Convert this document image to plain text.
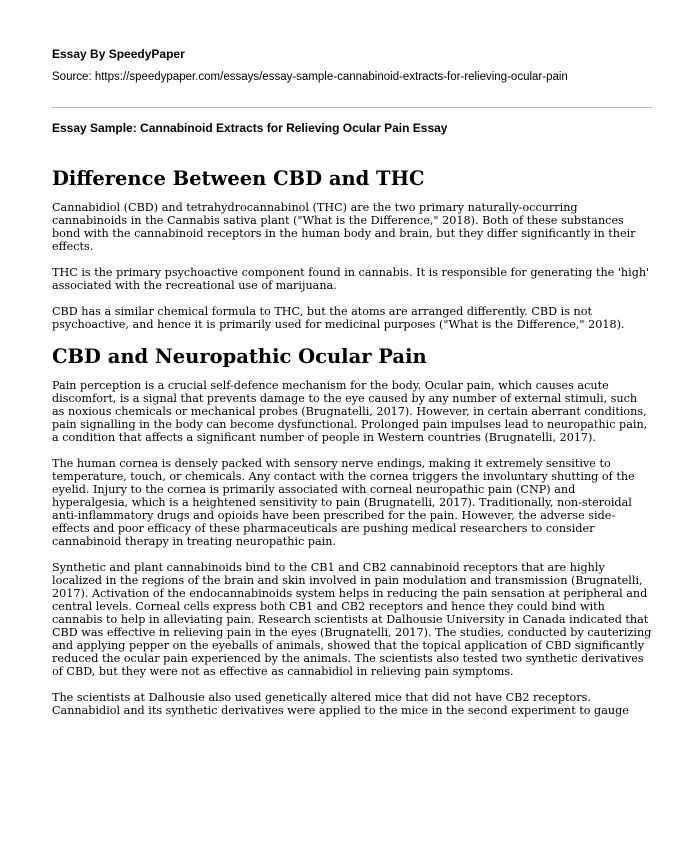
Essay By SpeedyPaper
Source: https://speedypaper.com/essays/essay-sample-cannabinoid-extracts-for-relieving-ocular-pain
Essay Sample: Cannabinoid Extracts for Relieving Ocular Pain Essay
Difference Between CBD and THC

Cannabidiol (CBD) and tetrahydrocannabinol (THC) are the two primary naturally-occurring cannabinoids in the Cannabis sativa plant ("What is the Difference," 2018). Both of these substances bond with the cannabinoid receptors in the human body and brain, but they differ significantly in their effects.

THC is the primary psychoactive component found in cannabis. It is responsible for generating the 'high' associated with the recreational use of marijuana.

CBD has a similar chemical formula to THC, but the atoms are arranged differently. CBD is not psychoactive, and hence it is primarily used for medicinal purposes ("What is the Difference," 2018).

CBD and Neuropathic Ocular Pain

Pain perception is a crucial self-defence mechanism for the body. Ocular pain, which causes acute discomfort, is a signal that prevents damage to the eye caused by any number of external stimuli, such as noxious chemicals or mechanical probes (Brugnatelli, 2017). However, in certain aberrant conditions, pain signalling in the body can become dysfunctional. Prolonged pain impulses lead to neuropathic pain, a condition that affects a significant number of people in Western countries (Brugnatelli, 2017).

The human cornea is densely packed with sensory nerve endings, making it extremely sensitive to temperature, touch, or chemicals. Any contact with the cornea triggers the involuntary shutting of the eyelid. Injury to the cornea is primarily associated with corneal neuropathic pain (CNP) and hyperalgesia, which is a heightened sensitivity to pain (Brugnatelli, 2017). Traditionally, non-steroidal anti-inflammatory drugs and opioids have been prescribed for the pain. However, the adverse side-effects and poor efficacy of these pharmaceuticals are pushing medical researchers to consider cannabinoid therapy in treating neuropathic pain.

Synthetic and plant cannabinoids bind to the CB1 and CB2 cannabinoid receptors that are highly localized in the regions of the brain and skin involved in pain modulation and transmission (Brugnatelli, 2017). Activation of the endocannabinoids system helps in reducing the pain sensation at peripheral and central levels. Corneal cells express both CB1 and CB2 receptors and hence they could bind with cannabis to help in alleviating pain. Research scientists at Dalhousie University in Canada indicated that CBD was effective in relieving pain in the eyes (Brugnatelli, 2017). The studies, conducted by cauterizing and applying pepper on the eyeballs of animals, showed that the topical application of CBD significantly reduced the ocular pain experienced by the animals. The scientists also tested two synthetic derivatives of CBD, but they were not as effective as cannabidiol in relieving pain symptoms.

The scientists at Dalhousie also used genetically altered mice that did not have CB2 receptors. Cannabidiol and its synthetic derivatives were applied to the mice in the second experiment to gauge
